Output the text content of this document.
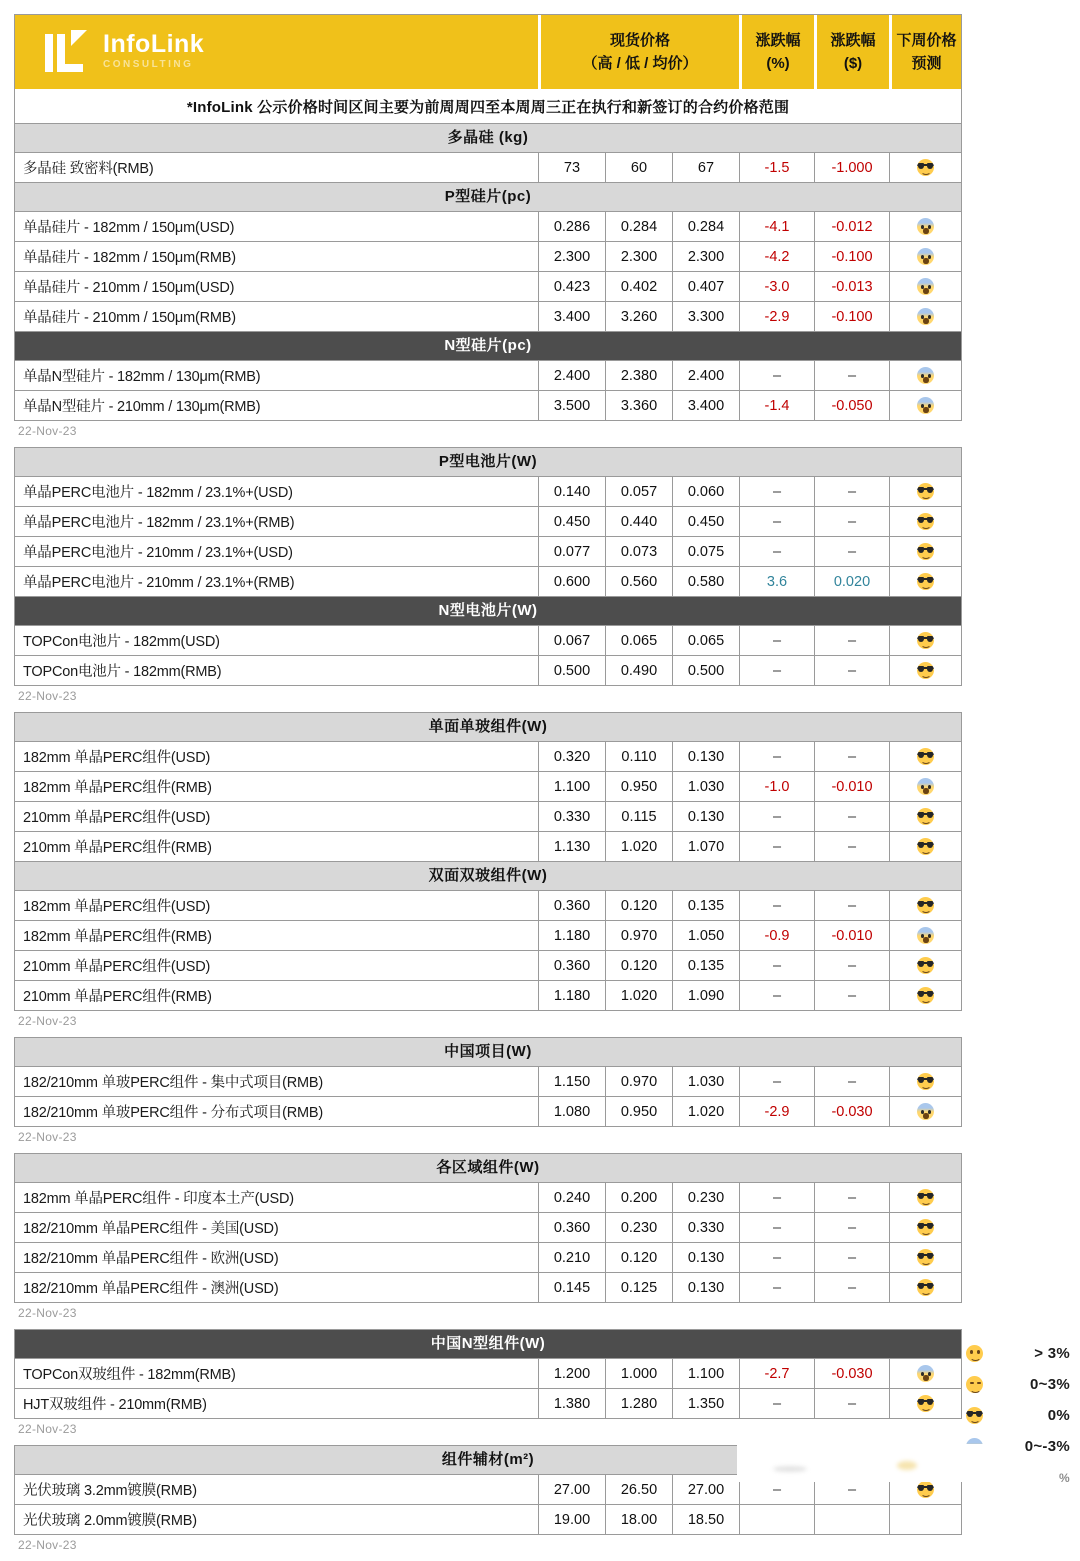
InfoLink
CONSULTING
现货价格
（高 / 低 / 均价）
涨跌幅
(%)
涨跌幅
($)
下周价格
预测
*InfoLink 公示价格时间区间主要为前周周四至本周周三正在执行和新签订的合约价格范围
多晶硅 (kg)
多晶硅 致密料(RMB)	73	60	67	-1.5	-1.000
P型硅片(pc)
单晶硅片 - 182mm / 150μm(USD)	0.286	0.284	0.284	-4.1	-0.012
单晶硅片 - 182mm / 150μm(RMB)	2.300	2.300	2.300	-4.2	-0.100
单晶硅片 - 210mm / 150μm(USD)	0.423	0.402	0.407	-3.0	-0.013
单晶硅片 - 210mm / 150μm(RMB)	3.400	3.260	3.300	-2.9	-0.100
N型硅片(pc)
单晶N型硅片 - 182mm / 130μm(RMB)	2.400	2.380	2.400	–	–
单晶N型硅片 - 210mm / 130μm(RMB)	3.500	3.360	3.400	-1.4	-0.050
22-Nov-23
P型电池片(W)
单晶PERC电池片 - 182mm / 23.1%+(USD)	0.140	0.057	0.060	–	–
单晶PERC电池片 - 182mm / 23.1%+(RMB)	0.450	0.440	0.450	–	–
单晶PERC电池片 - 210mm / 23.1%+(USD)	0.077	0.073	0.075	–	–
单晶PERC电池片 - 210mm / 23.1%+(RMB)	0.600	0.560	0.580	3.6	0.020
N型电池片(W)
TOPCon电池片 - 182mm(USD)	0.067	0.065	0.065	–	–
TOPCon电池片 - 182mm(RMB)	0.500	0.490	0.500	–	–
22-Nov-23
单面单玻组件(W)
182mm 单晶PERC组件(USD)	0.320	0.110	0.130	–	–
182mm 单晶PERC组件(RMB)	1.100	0.950	1.030	-1.0	-0.010
210mm 单晶PERC组件(USD)	0.330	0.115	0.130	–	–
210mm 单晶PERC组件(RMB)	1.130	1.020	1.070	–	–
双面双玻组件(W)
182mm 单晶PERC组件(USD)	0.360	0.120	0.135	–	–
182mm 单晶PERC组件(RMB)	1.180	0.970	1.050	-0.9	-0.010
210mm 单晶PERC组件(USD)	0.360	0.120	0.135	–	–
210mm 单晶PERC组件(RMB)	1.180	1.020	1.090	–	–
22-Nov-23
中国项目(W)
182/210mm 单玻PERC组件 - 集中式项目(RMB)	1.150	0.970	1.030	–	–
182/210mm 单玻PERC组件 - 分布式项目(RMB)	1.080	0.950	1.020	-2.9	-0.030
22-Nov-23
各区域组件(W)
182mm 单晶PERC组件 - 印度本土产(USD)	0.240	0.200	0.230	–	–
182/210mm 单晶PERC组件 - 美国(USD)	0.360	0.230	0.330	–	–
182/210mm 单晶PERC组件 - 欧洲(USD)	0.210	0.120	0.130	–	–
182/210mm 单晶PERC组件 - 澳洲(USD)	0.145	0.125	0.130	–	–
22-Nov-23
中国N型组件(W)
TOPCon双玻组件 - 182mm(RMB)	1.200	1.000	1.100	-2.7	-0.030
HJT双玻组件 - 210mm(RMB)	1.380	1.280	1.350	–	–
22-Nov-23
组件辅材(m²)
光伏玻璃 3.2mm镀膜(RMB)	27.00	26.50	27.00	–	–
光伏玻璃 2.0mm镀膜(RMB)	19.00	18.00	18.50
22-Nov-23
> 3%
0~3%
0%
0~-3%
%
